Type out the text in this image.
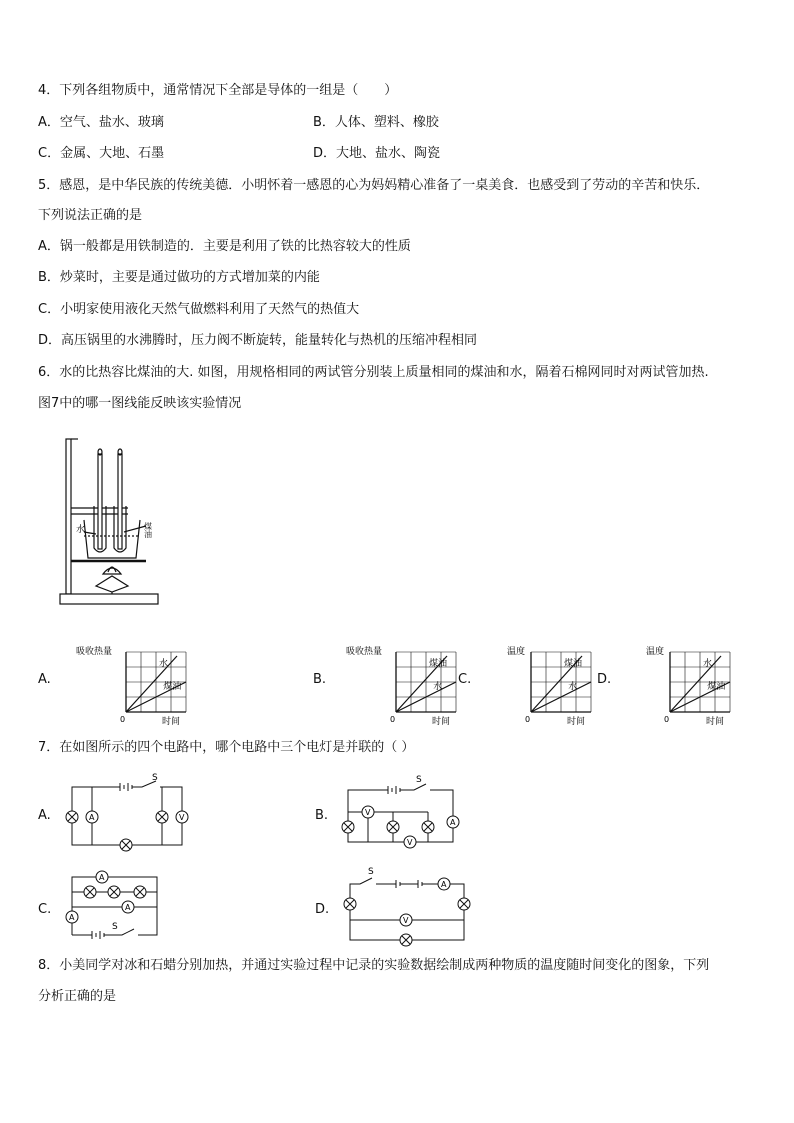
4．下列各组物质中，通常情况下全部是导体的一组是（　　）
A．空气、盐水、玻璃	B．人体、塑料、橡胶
C．金属、大地、石墨	D．大地、盐水、陶瓷
5．感恩，是中华民族的传统美德．小明怀着一感恩的心为妈妈精心准备了一桌美食．也感受到了劳动的辛苦和快乐．
下列说法正确的是
A．锅一般都是用铁制造的．主要是利用了铁的比热容较大的性质
B．炒菜时，主要是通过做功的方式增加菜的内能
C．小明家使用液化天然气做燃料利用了天然气的热值大
D．高压锅里的水沸腾时，压力阀不断旋转，能量转化与热机的压缩冲程相同
6．水的比热容比煤油的大. 如图，用规格相同的两试管分别装上质量相同的煤油和水，隔着石棉网同时对两试管加热.
图7中的哪一图线能反映该实验情况
水	煤油
A.
吸收热量
水
煤油
0	时间
B.
吸收热量
煤油
水
0	时间
C.
温度
煤油
水
0	时间
D.
温度
水
煤油
0	时间
7．在如图所示的四个电路中，哪个电路中三个电灯是并联的（ ）
A.	B.
C.	D.
S
A	V
S
V
A
V
S
A
A
A
S
A
V
8．小美同学对冰和石蜡分别加热，并通过实验过程中记录的实验数据绘制成两种物质的温度随时间变化的图象，下列
分析正确的是
